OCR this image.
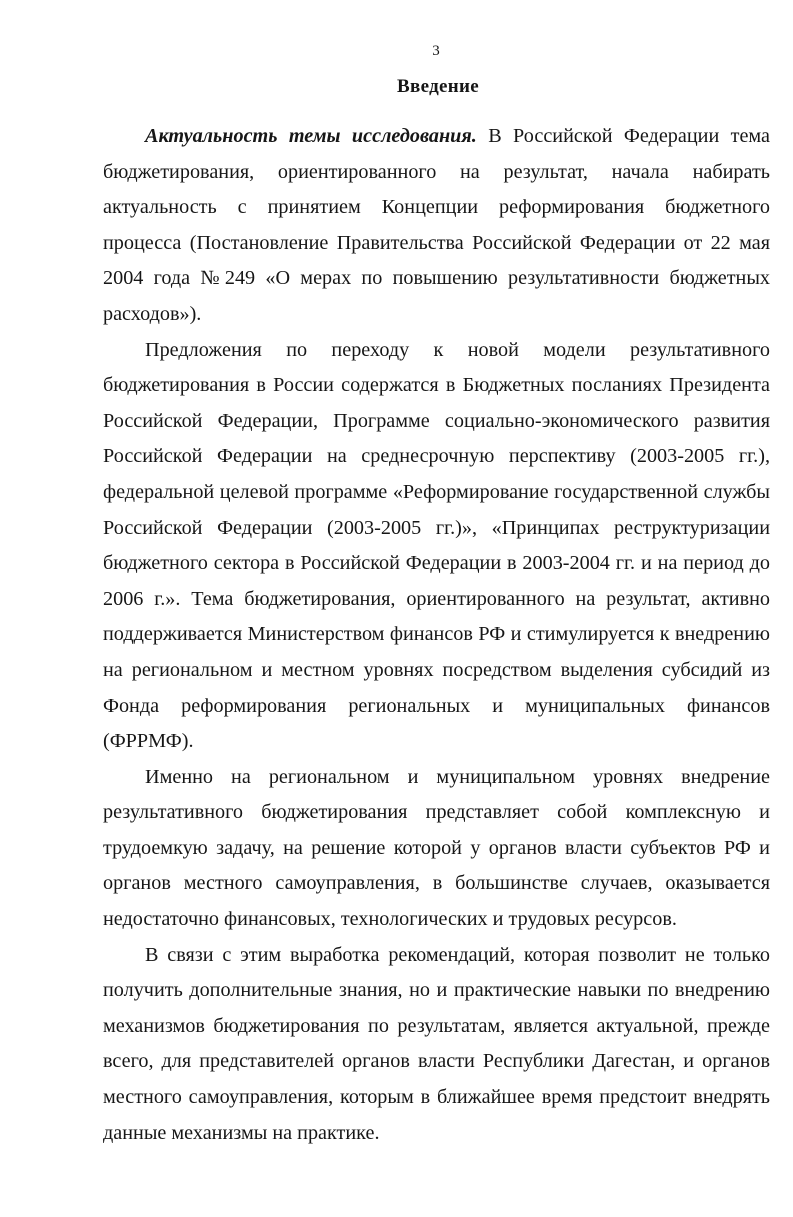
3
Введение

Актуальность темы исследования. В Российской Федерации тема бюджетирования, ориентированного на результат, начала набирать актуальность с принятием Концепции реформирования бюджетного процесса (Постановление Правительства Российской Федерации от 22 мая 2004 года №249 «О мерах по повышению результативности бюджетных расходов»).

Предложения по переходу к новой модели результативного бюджетирования в России содержатся в Бюджетных посланиях Президента Российской Федерации, Программе социально-экономического развития Российской Федерации на среднесрочную перспективу (2003-2005 гг.), федеральной целевой программе «Реформирование государственной службы Российской Федерации (2003-2005 гг.)», «Принципах реструктуризации бюджетного сектора в Российской Федерации в 2003-2004 гг. и на период до 2006 г.». Тема бюджетирования, ориентированного на результат, активно поддерживается Министерством финансов РФ и стимулируется к внедрению на региональном и местном уровнях посредством выделения субсидий из Фонда реформирования региональных и муниципальных финансов (ФРРМФ).

Именно на региональном и муниципальном уровнях внедрение результативного бюджетирования представляет собой комплексную и трудоемкую задачу, на решение которой у органов власти субъектов РФ и органов местного самоуправления, в большинстве случаев, оказывается недостаточно финансовых, технологических и трудовых ресурсов.

В связи с этим выработка рекомендаций, которая позволит не только получить дополнительные знания, но и практические навыки по внедрению механизмов бюджетирования по результатам, является актуальной, прежде всего, для представителей органов власти Республики Дагестан, и органов местного самоуправления, которым в ближайшее время предстоит внедрять данные механизмы на практике.
